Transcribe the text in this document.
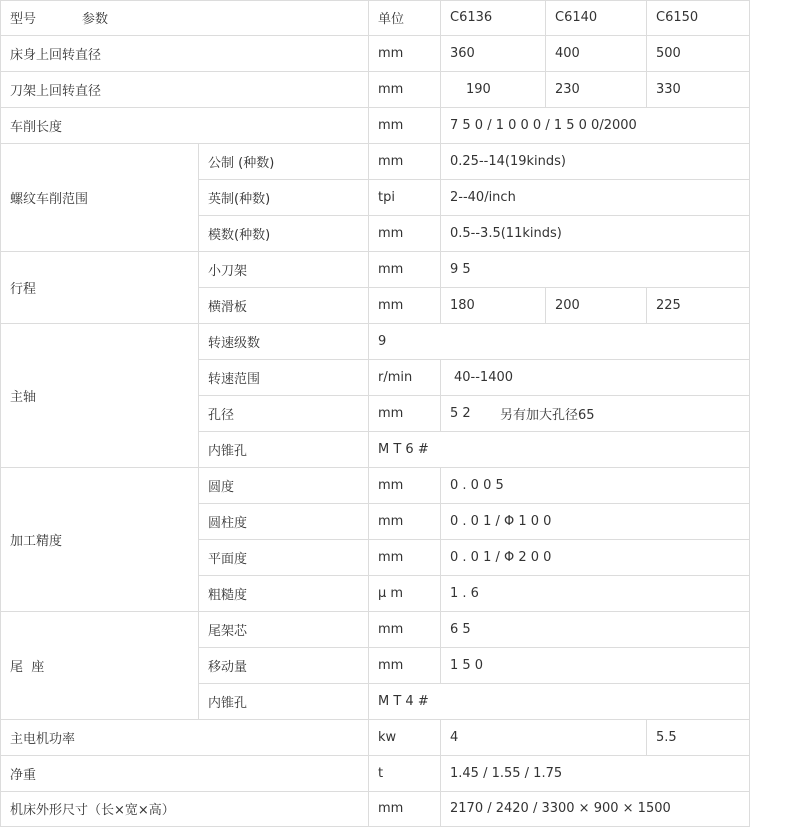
型号	参数	单位	C6136	C6140	C6150
床身上回转直径	mm	360	400	500
刀架上回转直径	mm	190	230	330
车削长度	mm	7 5 0 / 1 0 0 0 / 1 5 0 0/2000
螺纹车削范围
公制 (种数)	mm	0.25--14(19kinds)
英制(种数)	tpi	2--40/inch
模数(种数)	mm	0.5--3.5(11kinds)
行程
小刀架	mm	9 5
横滑板	mm	180	200	225
主轴
转速级数	9
转速范围	r/min	40--1400
孔径	mm	5 2	另有加大孔径65
内锥孔	M T 6 #
加工精度
圆度	mm	0 . 0 0 5
圆柱度	mm	0 . 0 1 / Φ 1 0 0
平面度	mm	0 . 0 1 / Φ 2 0 0
粗糙度	μ m	1 . 6
尾  座
尾架芯	mm	6 5
移动量	mm	1 5 0
内锥孔	M T 4 #
主电机功率	kw	4	5.5
净重	t	1.45 / 1.55 / 1.75
机床外形尺寸（长×宽×高）	mm	2170 / 2420 / 3300 × 900 × 1500
